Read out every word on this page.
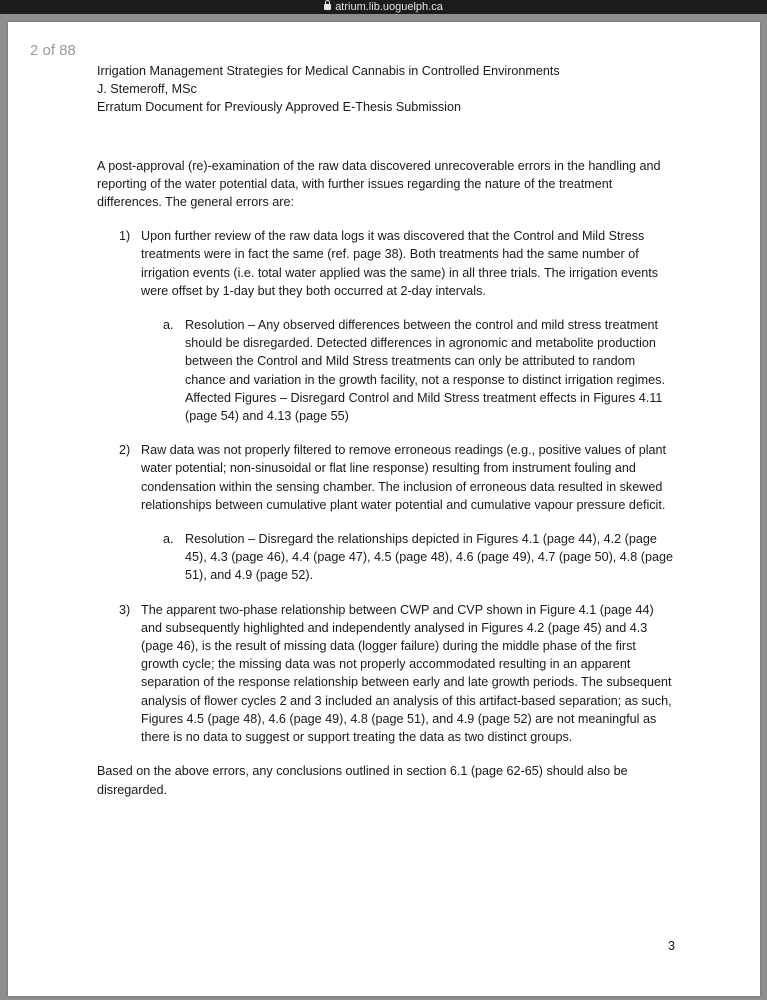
atrium.lib.uoguelph.ca
2 of 88
Irrigation Management Strategies for Medical Cannabis in Controlled Environments
J. Stemeroff, MSc
Erratum Document for Previously Approved E-Thesis Submission

A post-approval (re)-examination of the raw data discovered unrecoverable errors in the handling and reporting of the water potential data, with further issues regarding the nature of the treatment differences. The general errors are:

1) Upon further review of the raw data logs it was discovered that the Control and Mild Stress treatments were in fact the same (ref. page 38). Both treatments had the same number of irrigation events (i.e. total water applied was the same) in all three trials. The irrigation events were offset by 1-day but they both occurred at 2-day intervals.
a. Resolution – Any observed differences between the control and mild stress treatment should be disregarded. Detected differences in agronomic and metabolite production between the Control and Mild Stress treatments can only be attributed to random chance and variation in the growth facility, not a response to distinct irrigation regimes. Affected Figures – Disregard Control and Mild Stress treatment effects in Figures 4.11 (page 54) and 4.13 (page 55)
2) Raw data was not properly filtered to remove erroneous readings (e.g., positive values of plant water potential; non-sinusoidal or flat line response) resulting from instrument fouling and condensation within the sensing chamber. The inclusion of erroneous data resulted in skewed relationships between cumulative plant water potential and cumulative vapour pressure deficit.
a. Resolution – Disregard the relationships depicted in Figures 4.1 (page 44), 4.2 (page 45), 4.3 (page 46), 4.4 (page 47), 4.5 (page 48), 4.6 (page 49), 4.7 (page 50), 4.8 (page 51), and 4.9 (page 52).
3) The apparent two-phase relationship between CWP and CVP shown in Figure 4.1 (page 44) and subsequently highlighted and independently analysed in Figures 4.2 (page 45) and 4.3 (page 46), is the result of missing data (logger failure) during the middle phase of the first growth cycle; the missing data was not properly accommodated resulting in an apparent separation of the response relationship between early and late growth periods. The subsequent analysis of flower cycles 2 and 3 included an analysis of this artifact-based separation; as such, Figures 4.5 (page 48), 4.6 (page 49), 4.8 (page 51), and 4.9 (page 52) are not meaningful as there is no data to suggest or support treating the data as two distinct groups.

Based on the above errors, any conclusions outlined in section 6.1 (page 62-65) should also be disregarded.

3
